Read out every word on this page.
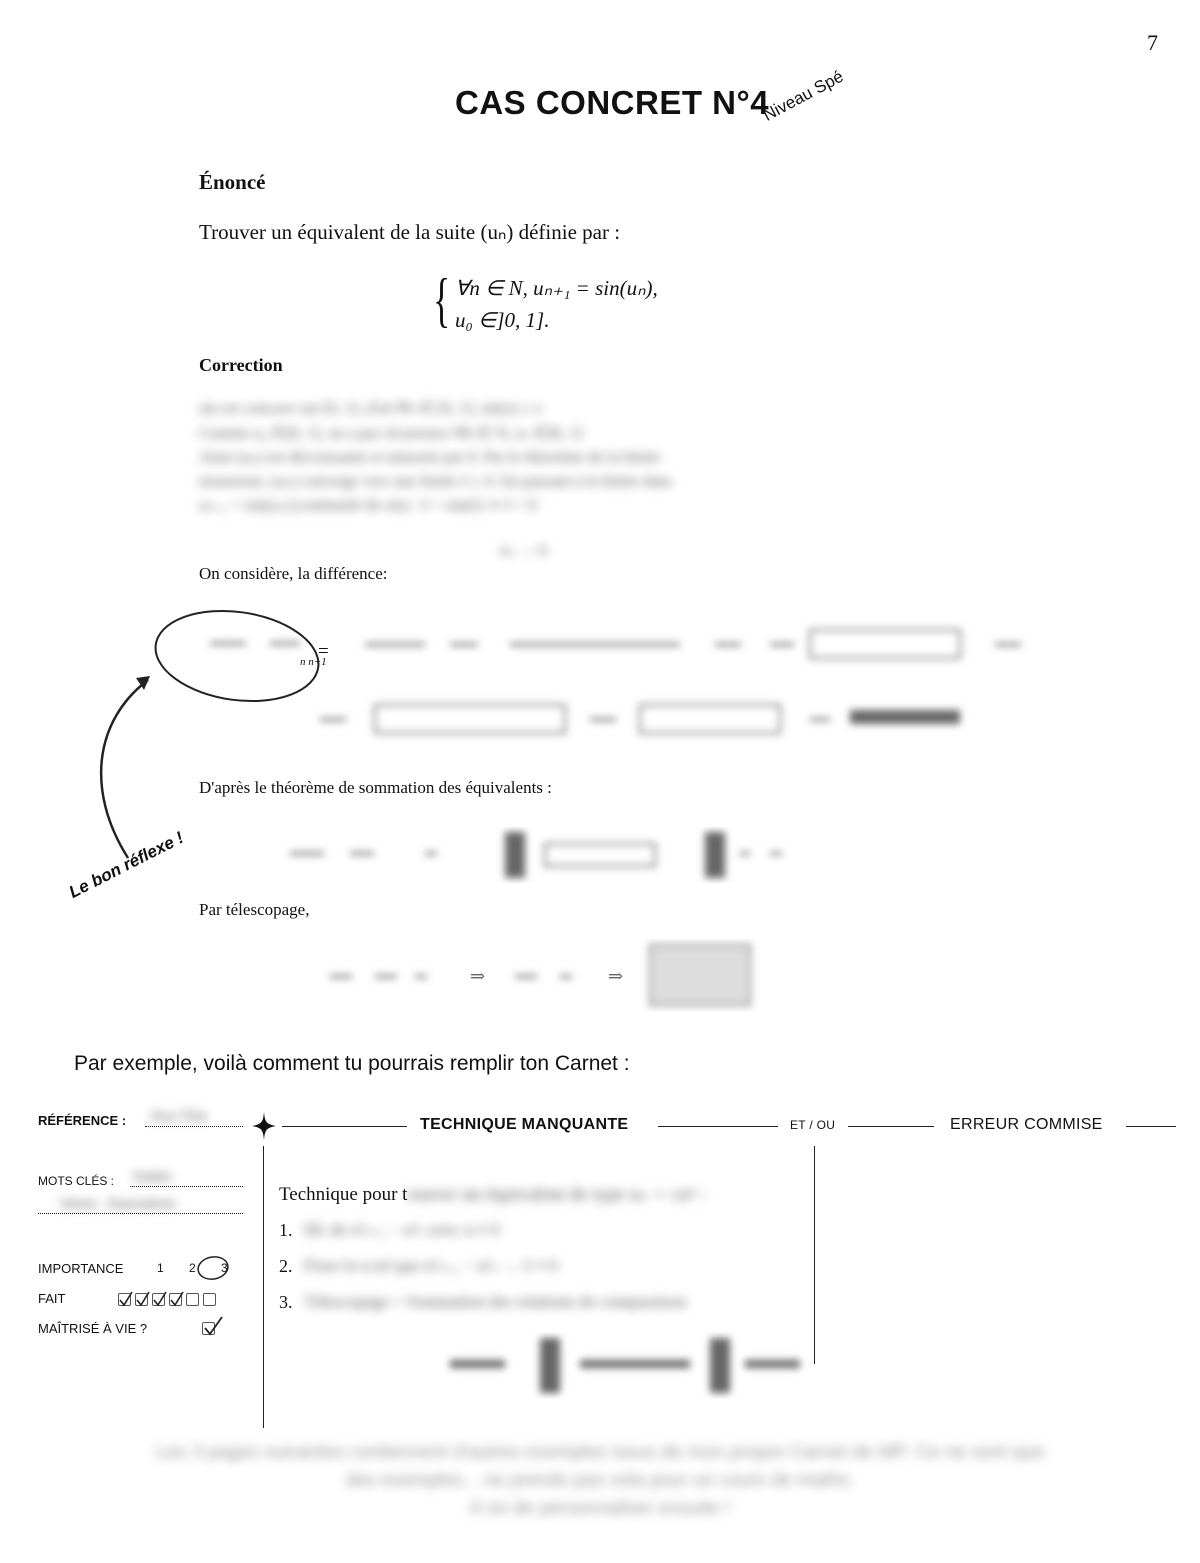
7
CAS CONCRET N°4
Niveau Spé
Énoncé
Trouver un équivalent de la suite (uₙ) définie par :
{ ∀n ∈ N, uₙ₊₁ = sin(uₙ),
u₀ ∈]0, 1].
Correction
sin est concave sur [0, 1], d'où ∀x ∈ [0, 1], sin(x) ≤ x
Comme u₀ ∈]0, 1], on a par récurrence ∀n ∈ N, uₙ ∈]0, 1]
Ainsi (uₙ) est décroissante et minorée par 0. Par le théorème de la limite
monotone, (uₙ) converge vers une limite ℓ ≥ 0. En passant à la limite dans
uₙ₊₁ = sin(uₙ) (continuité de sin) : ℓ = sin(ℓ) ⇒ ℓ = 0
uₙ → 0.
On considère, la différence:
=
n n+1
Le bon réflexe !
D'après le théorème de sommation des équivalents :
Par télescopage,
⇒	⇒
Par exemple, voilà comment tu pourrais remplir ton Carnet :
RÉFÉRENCE : Exo TD4	TECHNIQUE MANQUANTE	ET / OU	ERREUR COMMISE
MOTS CLÉS : Suites
Séries · Équivalents
IMPORTANCE	1 2 3
FAIT
MAÎTRISÉ À VIE ?
Technique pour trouver un équivalent de type uₙ ∼ cnᵅ :
1. DL de u²ₙ₊₁ − u²ₙ avec α ≠ 0
2. Fixer le α tel que u²ₙ₊₁ − u²ₙ → ℓ ≠ 0
3. Télescopage + Sommation des relations de comparaison
Les 3 pages suivantes contiennent d'autres exemples issus de mon propre Carnet de MP. Ce ne sont que
des exemples... ne prends pas cela pour un cours de maths.
À toi de personnaliser ensuite !
